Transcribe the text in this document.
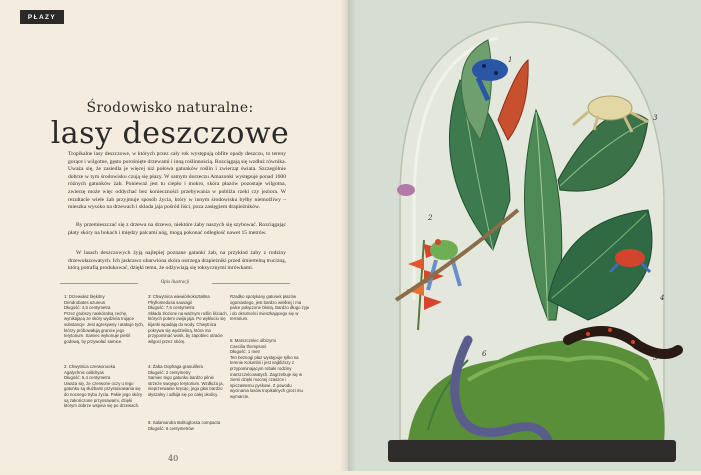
PŁAZY
Środowisko naturalne:
lasy deszczowe

Tropikalne lasy deszczowe, w których przez cały rok występują obfite opady deszczu, to tereny gorące i wilgotne, gęsto porośnięte drzewami i inną roślinnością. Rozciągają się wzdłuż równika. Uważa się, że zasiedla je więcej niż połowa gatunków roślin i zwierząt świata. Szczególnie dobrze w tym środowisku czują się płazy. W samym dorzeczu Amazonki występuje ponad 1000 różnych gatunków żab. Ponieważ jest tu ciepło i mokro, skóra płazów pozostaje wilgotna, zwierzę może więc oddychać bez konieczności przebywania w pobliżu rzeki czy jeziora. W rezultacie wiele żab przyjmuje sposób życia, który w innym środowisku byłby niemożliwy – mieszka wysoko na drzewach i składa jaja pośród liści, poza zasięgiem drapieżników.

By przemieszczać się z drzewa na drzewo, niektóre żaby naszych się szybować. Rozciągając płaty skóry na bokach i między palcami nóg, mogą pokonać odległość nawet 15 metrów.

W lasach deszczowych żyją najlepiej poznane gatunki żab, na przykład żaby z rodziny drzewołazowatych. Ich jaskrawo ubarwiona skóra ostrzega drapieżniki przed śmiertelną trucizną, którą potrafią produkować, dzięki temu, że odżywiają się toksycznymi mrówkami.

Opis ilustracji
1: Drzewołaz błękitny
Dendrobates azureus
Długość: 4,5 centymetra
Przez grubszy naskóralną cechę, wynikającą ze skóry wydziela trujące substancje. Jest agresywny i atakuje tych, którzy próbowałują granice jego terytorium. Samiec wykonuje pieśń godową, by przywołać samice.
2: Chwytnica czerwonooka
Agalychnis callidryas
Długość: 6,4 centymetra
Uważa się, że czerwone oczy u tego gatunku są służbami przystosowania się do nocnego trybu życia. Pakie jego skóry są zakończone przyssawami, dzięki którym dobrze wspina się po drzewach.
3: Chwytnica wiewiórkokształtna
Phyllomedusa sauvagii
Długość: 7,6 centymetra
Składa złożone na ważnym roślin liściach, których potem owija jaja. Po wykluciu się kijanki wpadają do wody. Chwytnica pokrywa się wydzieliną, która ma przypominać wosk, by zapobiec utracie wilgoci przez skórę.
4: Żaba Oophaga granulifera
Długość: 2 centymetry
Samiec tego gatunku bardzo pilnie strzeże swojego terytorium. Wzdłuża ja, nieprzerwanie kręcąc, jego głos bardzo słyszalny i odbija się po całej okolicy.
5: Salamandra Bolitoglossa compacta
Długość: 6 centymetrów
Rzadko spotykany gatunek płazów ogoniastego, jest bardzo wielkiej i ma palce połączone błoną. Bardzo długo żyje i do okrutności mieszkającego się w terrarium.
6: Marszczelec olbrzymi
Caecilia thompsoni
Długość: 1 metr
Ten beznogi płaz występuje tylko na terenie Kolumbii i jest najbliższy z przypominającym robaki rodziny marszczelcowatych. Zagrzebuje się w ziemi dzięki mocnej czaszce i spiczastemu pyskowi. Z powodu wycinania lasów tropikalnych grozi mu wymarcie.
40
1
2
3
4
5
6
